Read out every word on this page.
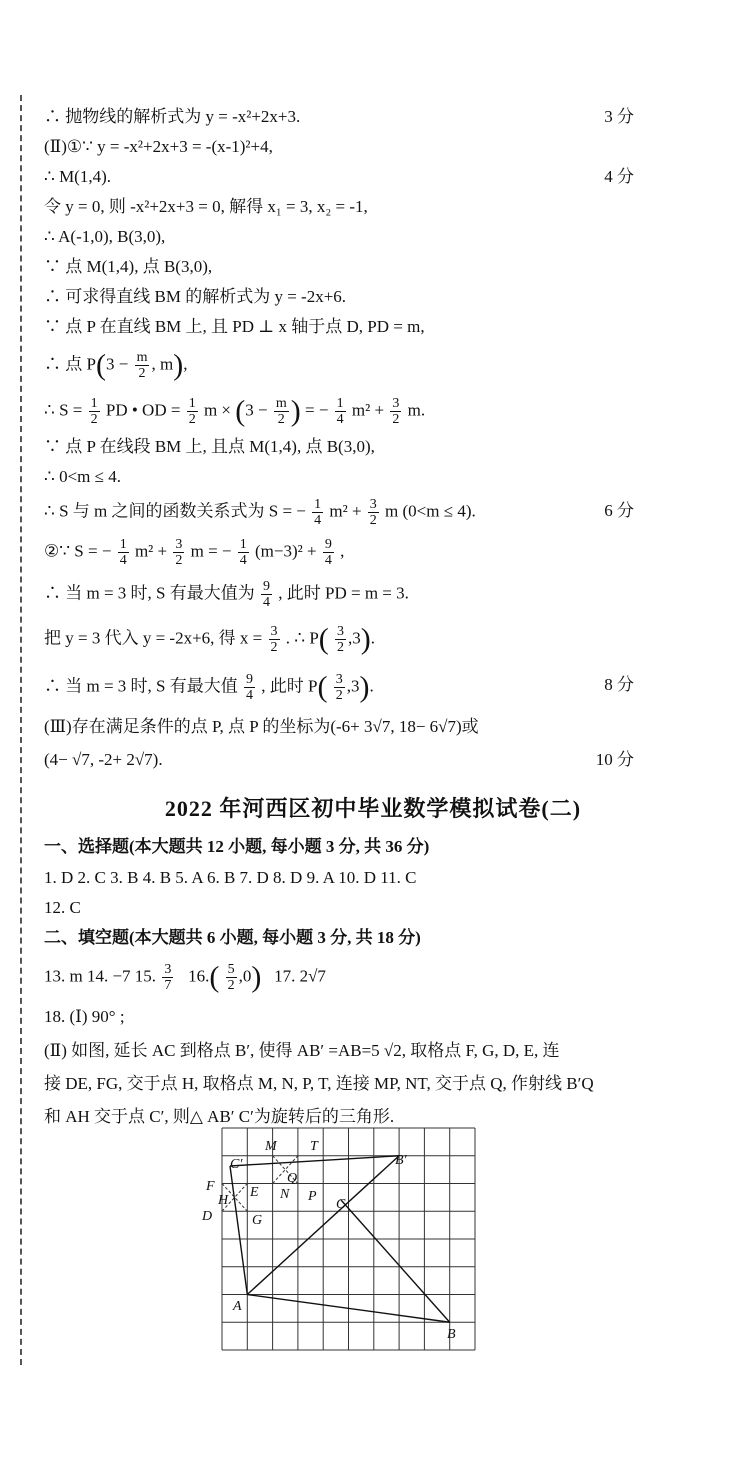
∴ 抛物线的解析式为 y = -x²+2x+3.	3 分
(Ⅱ)①∵ y = -x²+2x+3 = -(x-1)²+4,
∴ M(1,4).	4 分
令 y = 0, 则 -x²+2x+3 = 0, 解得 x₁ = 3, x₂ = -1,
∴ A(-1,0), B(3,0),
∵ 点 M(1,4), 点 B(3,0),
∴ 可求得直线 BM 的解析式为 y = -2x+6.
∵ 点 P 在直线 BM 上, 且 PD ⊥ x 轴于点 D, PD = m,
∴ 点 $P(3 - \frac{m}{2}$ , m),
∴ $S = \frac{1}{2}$ PD • OD = $\frac{1}{2}$ $m \times (3 - \frac{m}{2}$ ) = − $\frac{1}{4} m^2 + \frac{3}{2} m$.
∵ 点 P 在线段 BM 上, 且点 M(1,4), 点 B(3,0),
∴ 0<m ≤ 4.
∴ S 与 m 之间的函数关系式为 S = − $\frac{1}{4} m^2 + \frac{3}{2}$ m (0<m ≤ 4).	6 分
②∵ S = − $\frac{1}{4} m^2 + \frac{3}{2}$ m = − $\frac{1}{4} (m-3)^2 + \frac{9}{4}$ ,
∴ 当 m = 3 时, S 有最大值为 $\frac{9}{4}$ , 此时 PD = m = 3.
把 y = 3 代入 y = -2x+6, 得 $x = \frac{3}{2}$ . ∴ $P( \frac{3}{2} ,3)$.
∴ 当 m = 3 时, S 有最大值 $\frac{9}{4}$ , 此时 $P( \frac{3}{2} ,3)$.	8 分
(Ⅲ)存在满足条件的点 P, 点 P 的坐标为(-6+ 3√7, 18− 6√7)或
(4− √7, -2+ 2√7).	10 分
2022 年河西区初中毕业数学模拟试卷(二)
一、选择题(本大题共 12 小题, 每小题 3 分, 共 36 分)
1. D 2. C 3. B 4. B 5. A 6. B 7. D 8. D 9. A 10. D 11. C
12. C
二、填空题(本大题共 6 小题, 每小题 3 分, 共 18 分)
13. m 14. −7 15. $\frac{3}{7} 16.( \frac{5}{2} ,0)$ 17. 2√7
18. (Ⅰ) 90° ;
(Ⅱ) 如图, 延长 AC 到格点 B′, 使得 AB′ =AB=5 √2, 取格点 F, G, D, E, 连
接 DE, FG, 交于点 H, 取格点 M, N, P, T, 连接 MP, NT, 交于点 Q, 作射线 B′Q
和 AH 交于点 C′, 则△ AB′ C′为旋转后的三角形.
M T
C′	B′
Q
F
H
E N P
C
D	G
A
B
